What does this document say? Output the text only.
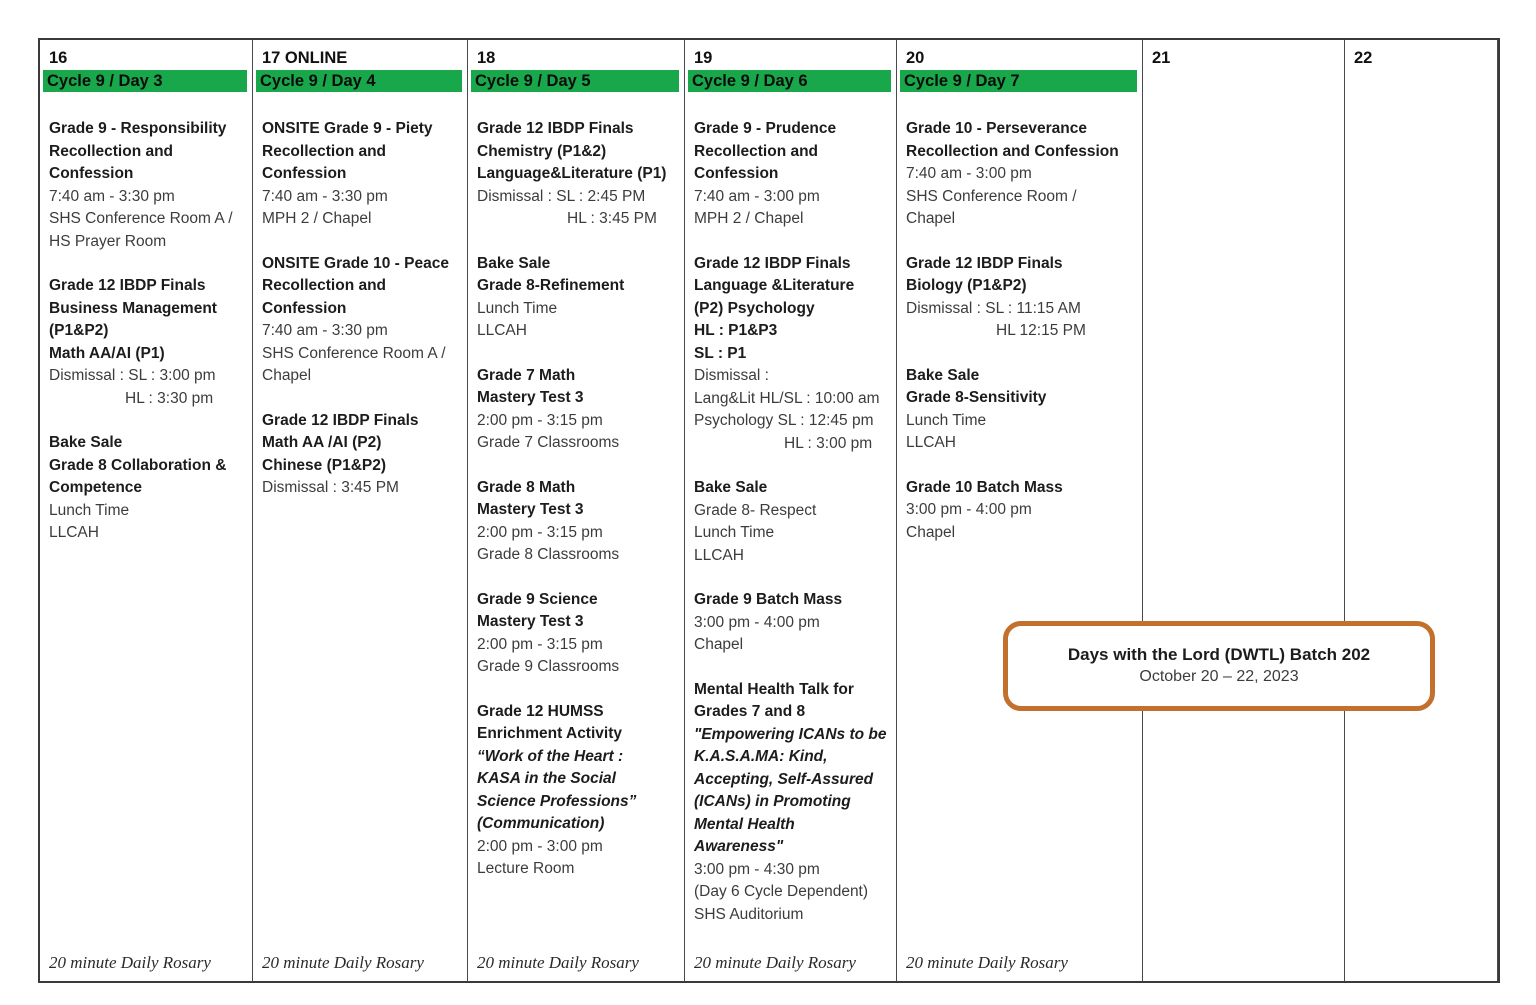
16
Cycle 9 / Day 3
Grade 9 - Responsibility
Recollection and
Confession
7:40 am - 3:30 pm
SHS Conference Room A /
HS Prayer Room
Grade 12 IBDP Finals
Business Management
(P1&P2)
Math AA/AI (P1)
Dismissal : SL : 3:00 pm
HL : 3:30 pm
Bake Sale
Grade 8 Collaboration &
Competence
Lunch Time
LLCAH
20 minute Daily Rosary
17 ONLINE
Cycle 9 / Day 4
ONSITE Grade 9 - Piety
Recollection and
Confession
7:40 am - 3:30 pm
MPH 2 / Chapel
ONSITE Grade 10 - Peace
Recollection and
Confession
7:40 am - 3:30 pm
SHS Conference Room A /
Chapel
Grade 12 IBDP Finals
Math AA /AI (P2)
Chinese (P1&P2)
Dismissal : 3:45 PM
20 minute Daily Rosary
18
Cycle 9 / Day 5
Grade 12 IBDP Finals
Chemistry (P1&2)
Language&Literature (P1)
Dismissal : SL : 2:45 PM
HL : 3:45 PM
Bake Sale
Grade 8-Refinement
Lunch Time
LLCAH
Grade 7 Math
Mastery Test 3
2:00 pm - 3:15 pm
Grade 7 Classrooms
Grade 8 Math
Mastery Test 3
2:00 pm - 3:15 pm
Grade 8 Classrooms
Grade 9 Science
Mastery Test 3
2:00 pm - 3:15 pm
Grade 9 Classrooms
Grade 12 HUMSS
Enrichment Activity
“Work of the Heart :
KASA in the Social
Science Professions”
(Communication)
2:00 pm - 3:00 pm
Lecture Room
20 minute Daily Rosary
19
Cycle 9 / Day 6
Grade 9 - Prudence
Recollection and
Confession
7:40 am - 3:00 pm
MPH 2 / Chapel
Grade 12 IBDP Finals
Language &Literature
(P2) Psychology
HL : P1&P3
SL : P1
Dismissal :
Lang&Lit HL/SL : 10:00 am
Psychology SL : 12:45 pm
HL : 3:00 pm
Bake Sale
Grade 8- Respect
Lunch Time
LLCAH
Grade 9 Batch Mass
3:00 pm - 4:00 pm
Chapel
Mental Health Talk for
Grades 7 and 8
"Empowering ICANs to be
K.A.S.A.MA: Kind,
Accepting, Self-Assured
(ICANs) in Promoting
Mental Health
Awareness"
3:00 pm - 4:30 pm
(Day 6 Cycle Dependent)
SHS Auditorium
20 minute Daily Rosary
20
Cycle 9 / Day 7
Grade 10 - Perseverance
Recollection and Confession
7:40 am - 3:00 pm
SHS Conference Room /
Chapel
Grade 12 IBDP Finals
Biology (P1&P2)
Dismissal : SL : 11:15 AM
HL 12:15 PM
Bake Sale
Grade 8-Sensitivity
Lunch Time
LLCAH
Grade 10 Batch Mass
3:00 pm - 4:00 pm
Chapel
20 minute Daily Rosary
21	22
Days with the Lord (DWTL) Batch 202
October 20 – 22, 2023
